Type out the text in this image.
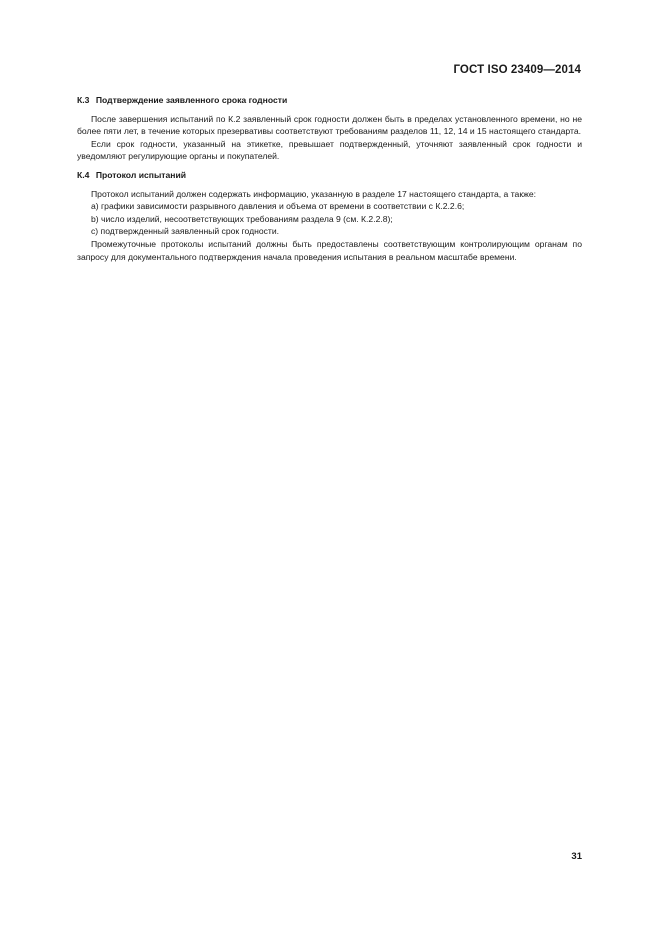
ГОСТ ISO 23409—2014
К.3 Подтверждение заявленного срока годности

После завершения испытаний по К.2 заявленный срок годности должен быть в пределах установленного времени, но не более пяти лет, в течение которых презервативы соответствуют требованиям разделов 11, 12, 14 и 15 настоящего стандарта.

Если срок годности, указанный на этикетке, превышает подтвержденный, уточняют заявленный срок годности и уведомляют регулирующие органы и покупателей.

К.4 Протокол испытаний

Протокол испытаний должен содержать информацию, указанную в разделе 17 настоящего стандарта, а также:

a) графики зависимости разрывного давления и объема от времени в соответствии с К.2.2.6;

b) число изделий, несоответствующих требованиям раздела 9 (см. К.2.2.8);

c) подтвержденный заявленный срок годности.

Промежуточные протоколы испытаний должны быть предоставлены соответствующим контролирующим органам по запросу для документального подтверждения начала проведения испытания в реальном масштабе времени.

31
